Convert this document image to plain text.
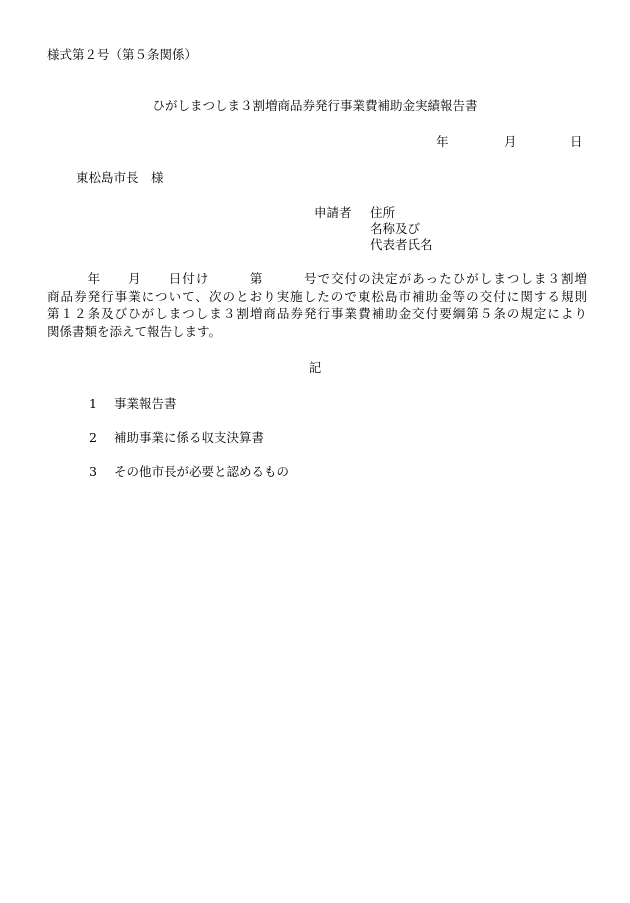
様式第２号（第５条関係）
ひがしまつしま３割増商品券発行事業費補助金実績報告書
年	月	日
東松島市長　様
申請者 住所
名称及び
代表者氏名
　　　年　　月　　日付け　　　第　　　号で交付の決定があったひがしまつしま３割増
商品券発行事業について、次のとおり実施したので東松島市補助金等の交付に関する規則
第１２条及びひがしまつしま３割増商品券発行事業費補助金交付要綱第５条の規定により
関係書類を添えて報告します。
記
1 事業報告書
2 補助事業に係る収支決算書
3 その他市長が必要と認めるもの
